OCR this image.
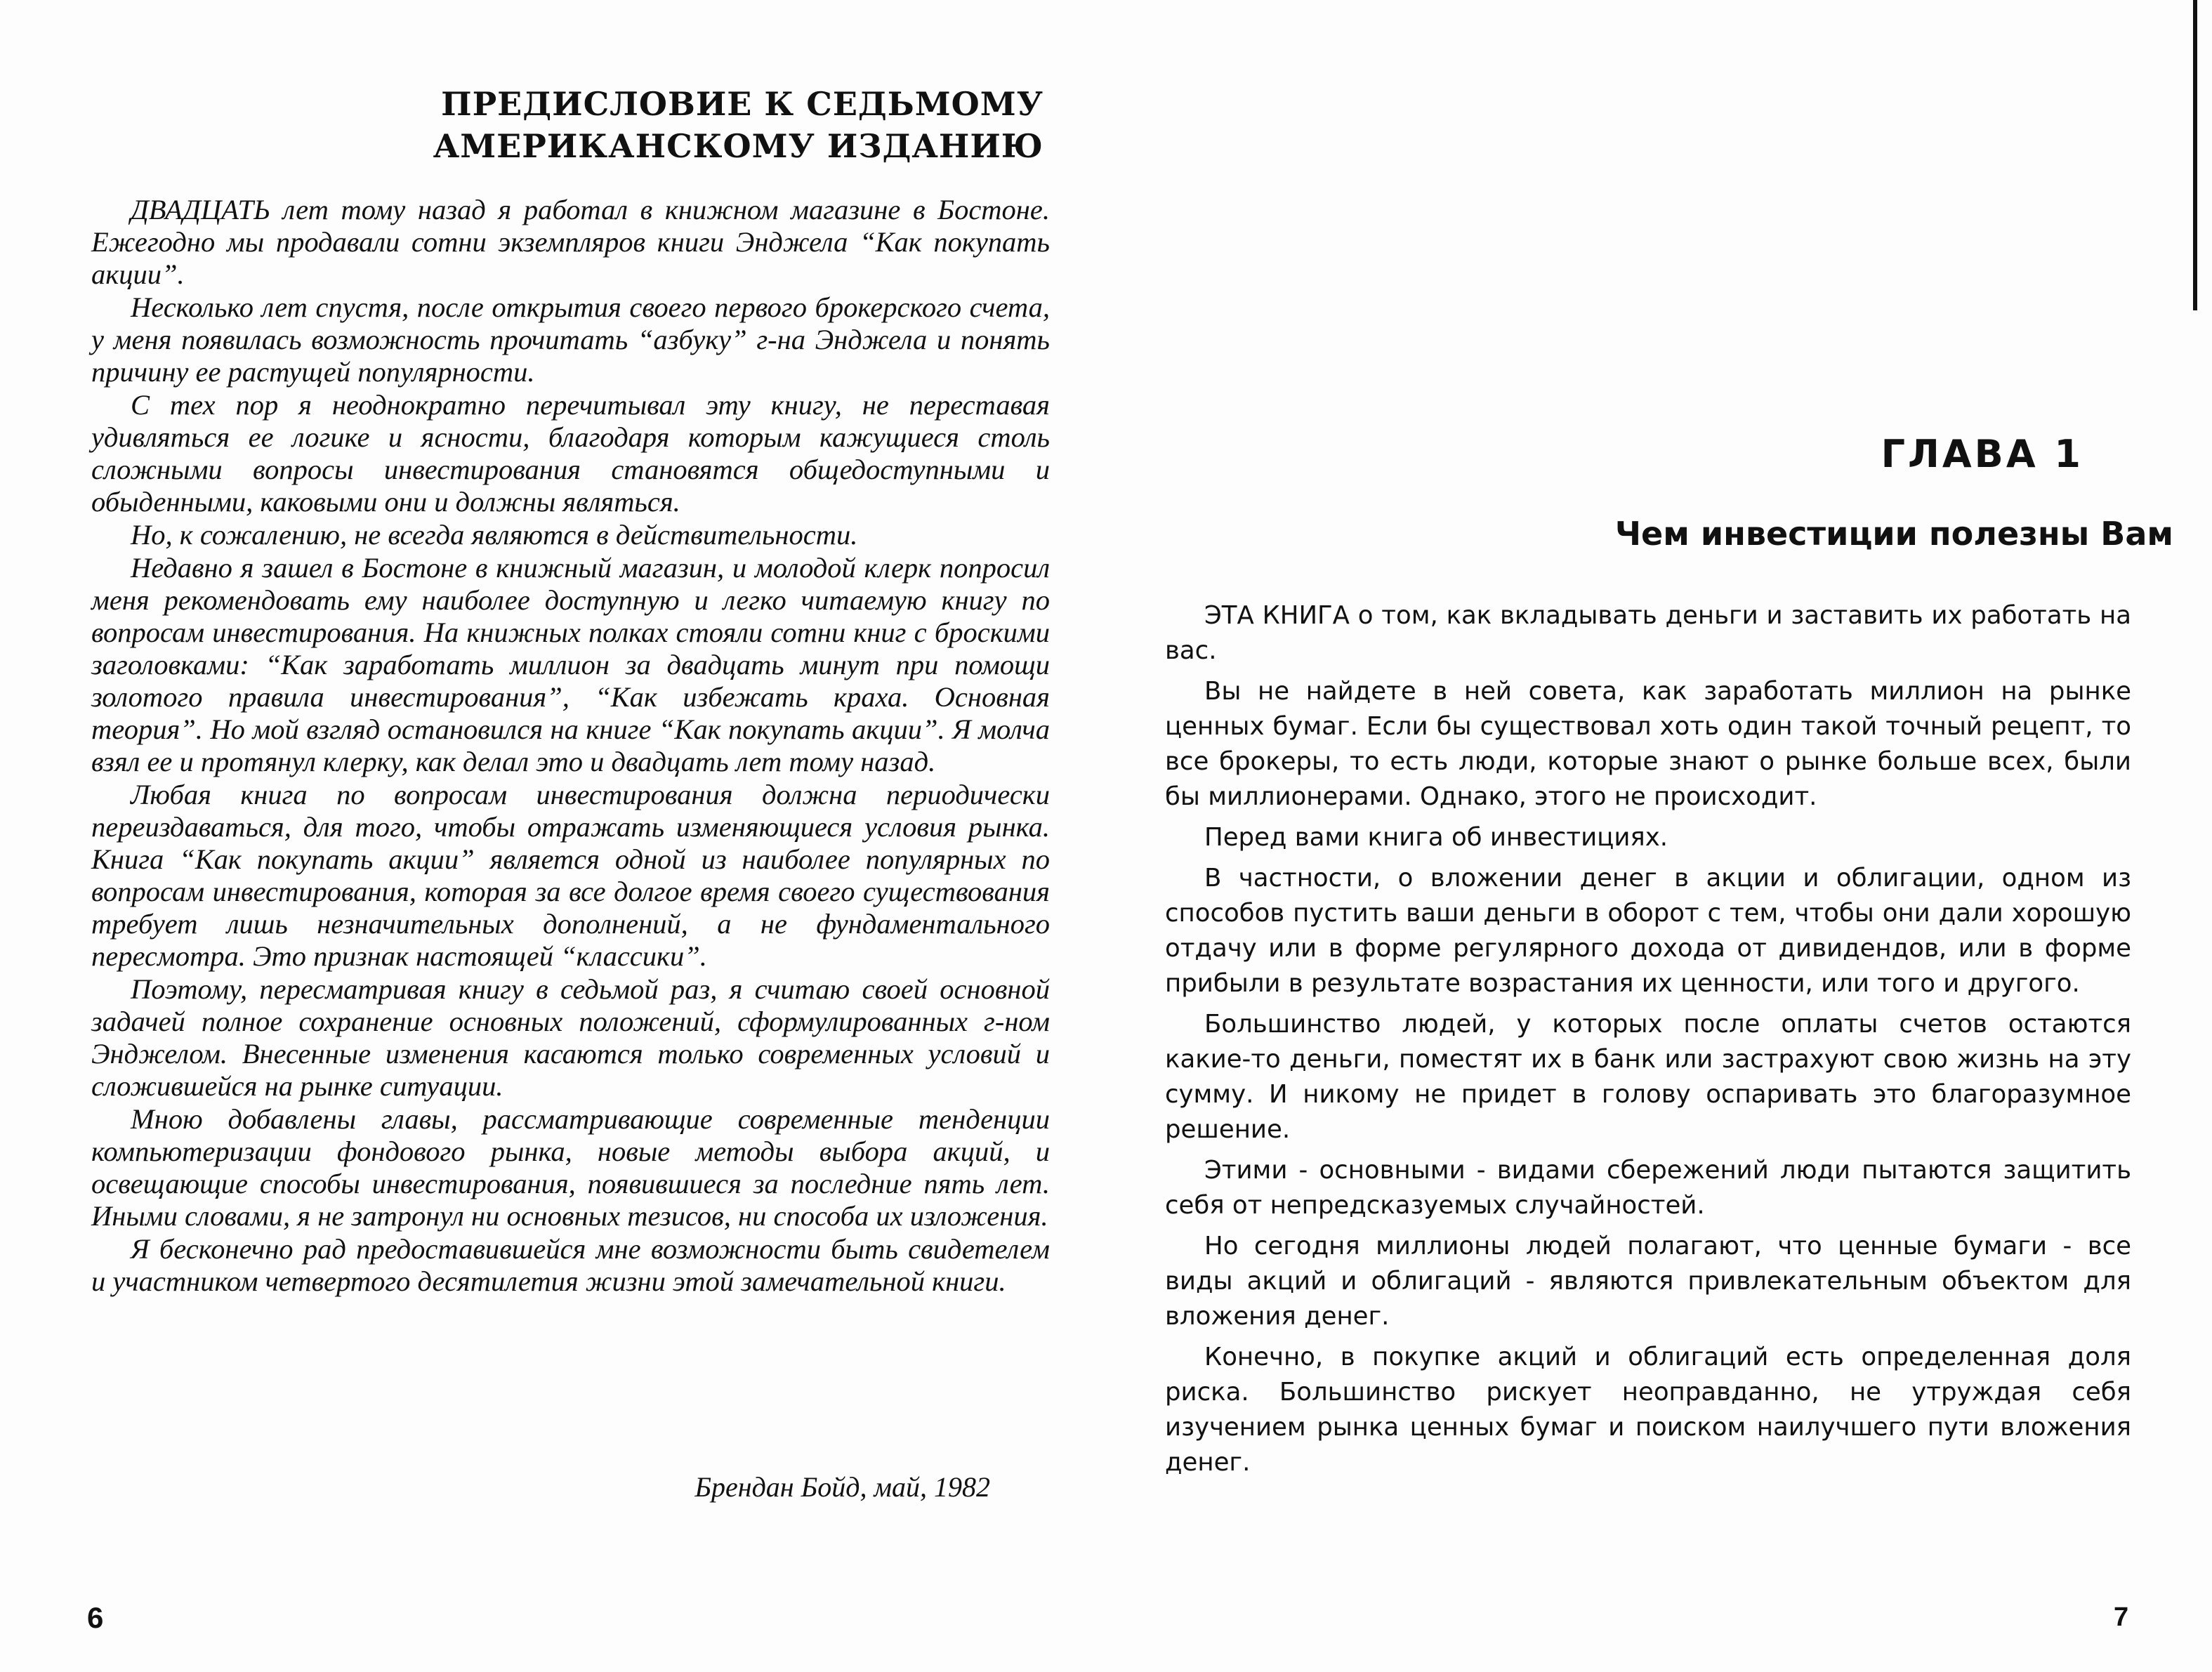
ПРЕДИСЛОВИЕ К СЕДЬМОМУ
АМЕРИКАНСКОМУ ИЗДАНИЮ

ДВАДЦАТЬ лет тому назад я работал в книжном магазине в Бостоне. Ежегодно мы продавали сотни экземпляров книги Энджела “Как покупать акции”.

Несколько лет спустя, после открытия своего первого брокерского счета, у меня появилась возможность прочитать “азбуку” г-на Энджела и понять причину ее растущей популярности.

С тех пор я неоднократно перечитывал эту книгу, не переставая удивляться ее логике и ясности, благодаря которым кажущиеся столь сложными вопросы инвестирования становятся общедоступными и обыденными, каковыми они и должны являться.

Но, к сожалению, не всегда являются в действительности.

Недавно я зашел в Бостоне в книжный магазин, и молодой клерк попросил меня рекомендовать ему наиболее доступную и легко читаемую книгу по вопросам инвестирования. На книжных полках стояли сотни книг с броскими заголовками: “Как заработать миллион за двадцать минут при помощи золотого правила инвестирования”, “Как избежать краха. Основная теория”. Но мой взгляд остановился на книге “Как покупать акции”. Я молча взял ее и протянул клерку, как делал это и двадцать лет тому назад.

Любая книга по вопросам инвестирования должна периодически переиздаваться, для того, чтобы отражать изменяющиеся условия рынка. Книга “Как покупать акции” является одной из наиболее популярных по вопросам инвестирования, которая за все долгое время своего существования требует лишь незначительных дополнений, а не фундаментального пересмотра. Это признак настоящей “классики”.

Поэтому, пересматривая книгу в седьмой раз, я считаю своей основной задачей полное сохранение основных положений, сформулированных г-ном Энджелом. Внесенные изменения касаются только современных условий и сложившейся на рынке ситуации.

Мною добавлены главы, рассматривающие современные тенденции компьютеризации фондового рынка, новые методы выбора акций, и освещающие способы инвестирования, появившиеся за последние пять лет. Иными словами, я не затронул ни основных тезисов, ни способа их изложения.

Я бесконечно рад предоставившейся мне возможности быть свидетелем и участником четвертого десятилетия жизни этой замечательной книги.

Брендан Бойд, май, 1982
6
ГЛАВА 1
Чем инвестиции полезны Вам

ЭТА КНИГА о том, как вкладывать деньги и заставить их работать на вас.

Вы не найдете в ней совета, как заработать миллион на рынке ценных бумаг. Если бы существовал хоть один такой точный рецепт, то все брокеры, то есть люди, которые знают о рынке больше всех, были бы миллионерами. Однако, этого не происходит.

Перед вами книга об инвестициях.

В частности, о вложении денег в акции и облигации, одном из способов пустить ваши деньги в оборот с тем, чтобы они дали хорошую отдачу или в форме регулярного дохода от дивидендов, или в форме прибыли в результате возрастания их ценности, или того и другого.

Большинство людей, у которых после оплаты счетов остаются какие-то деньги, поместят их в банк или застрахуют свою жизнь на эту сумму. И никому не придет в голову оспаривать это благоразумное решение.

Этими - основными - видами сбережений люди пытаются защитить себя от непредсказуемых случайностей.

Но сегодня миллионы людей полагают, что ценные бумаги - все виды акций и облигаций - являются привлекательным объектом для вложения денег.

Конечно, в покупке акций и облигаций есть определенная доля риска. Большинство рискует неоправданно, не утруждая себя изучением рынка ценных бумаг и поиском наилучшего пути вложения денег.

7
